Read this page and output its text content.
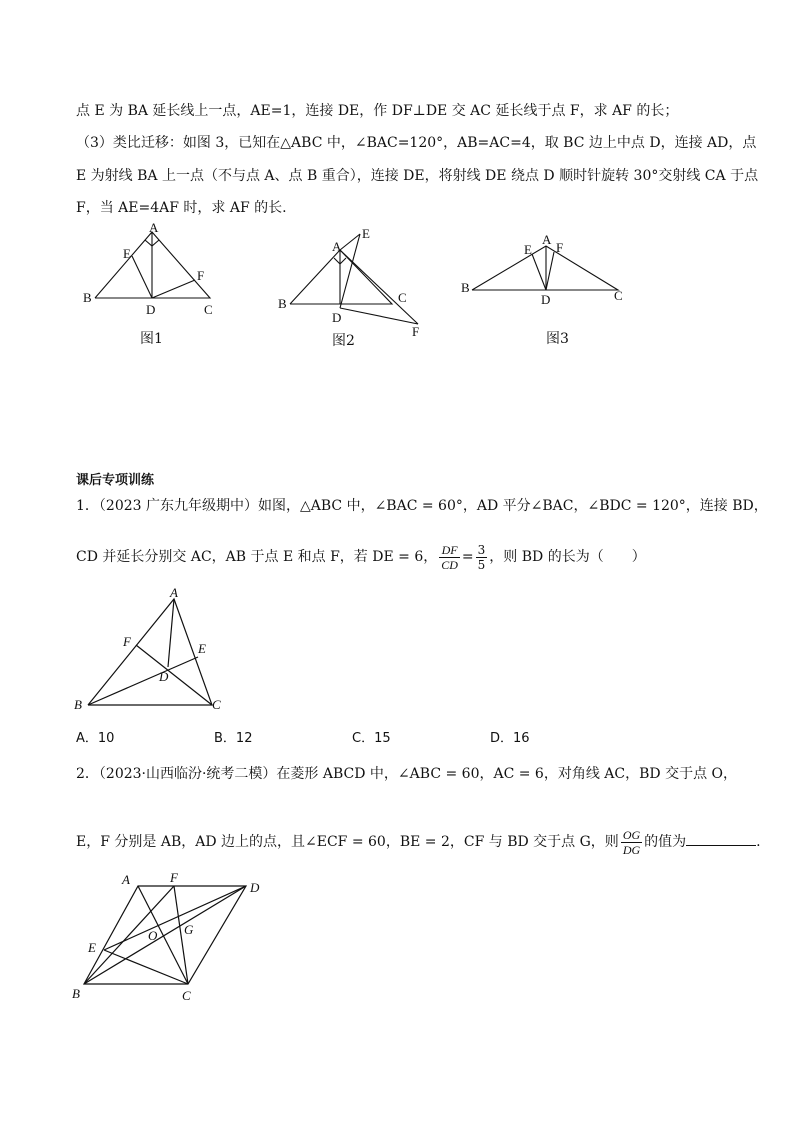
点 E 为 BA 延长线上一点，AE=1，连接 DE，作 DF⊥DE 交 AC 延长线于点 F，求 AF 的长；
（3）类比迁移：如图 3，已知在△ABC 中，∠BAC=120°，AB=AC=4，取 BC 边上中点 D，连接 AD，点
E 为射线 BA 上一点（不与点 A、点 B 重合），连接 DE，将射线 DE 绕点 D 顺时针旋转 30°交射线 CA 于点
F，当 AE=4AF 时，求 AF 的长.
B
A
E
F
D	C
图1
B
A
E
C
D
F
图2
B
A
E F
D	C
图3
课后专项训练
1．（2023 广东九年级期中）如图，△ABC 中，∠BAC = 60°，AD 平分∠BAC，∠BDC = 120°，连接 BD，
CD 并延长分别交 AC，AB 于点 E 和点 F，若 DE = 6， $\frac{DF}{CD} = \frac{3}{5}$ ，则 BD 的长为（　　）
B
A
F	E
D
C
A．10	B．12	C．15	D．16
2．（2023·山西临汾·统考二模）在菱形 ABCD 中，∠ABC = 60，AC = 6，对角线 AC，BD 交于点 O，
E，F 分别是 AB，AD 边上的点，且∠ECF = 60，BE = 2，CF 与 BD 交于点 G，则 $\frac{OG}{DG}$ 的值为	.
B
A	F
D
E
O G
C
